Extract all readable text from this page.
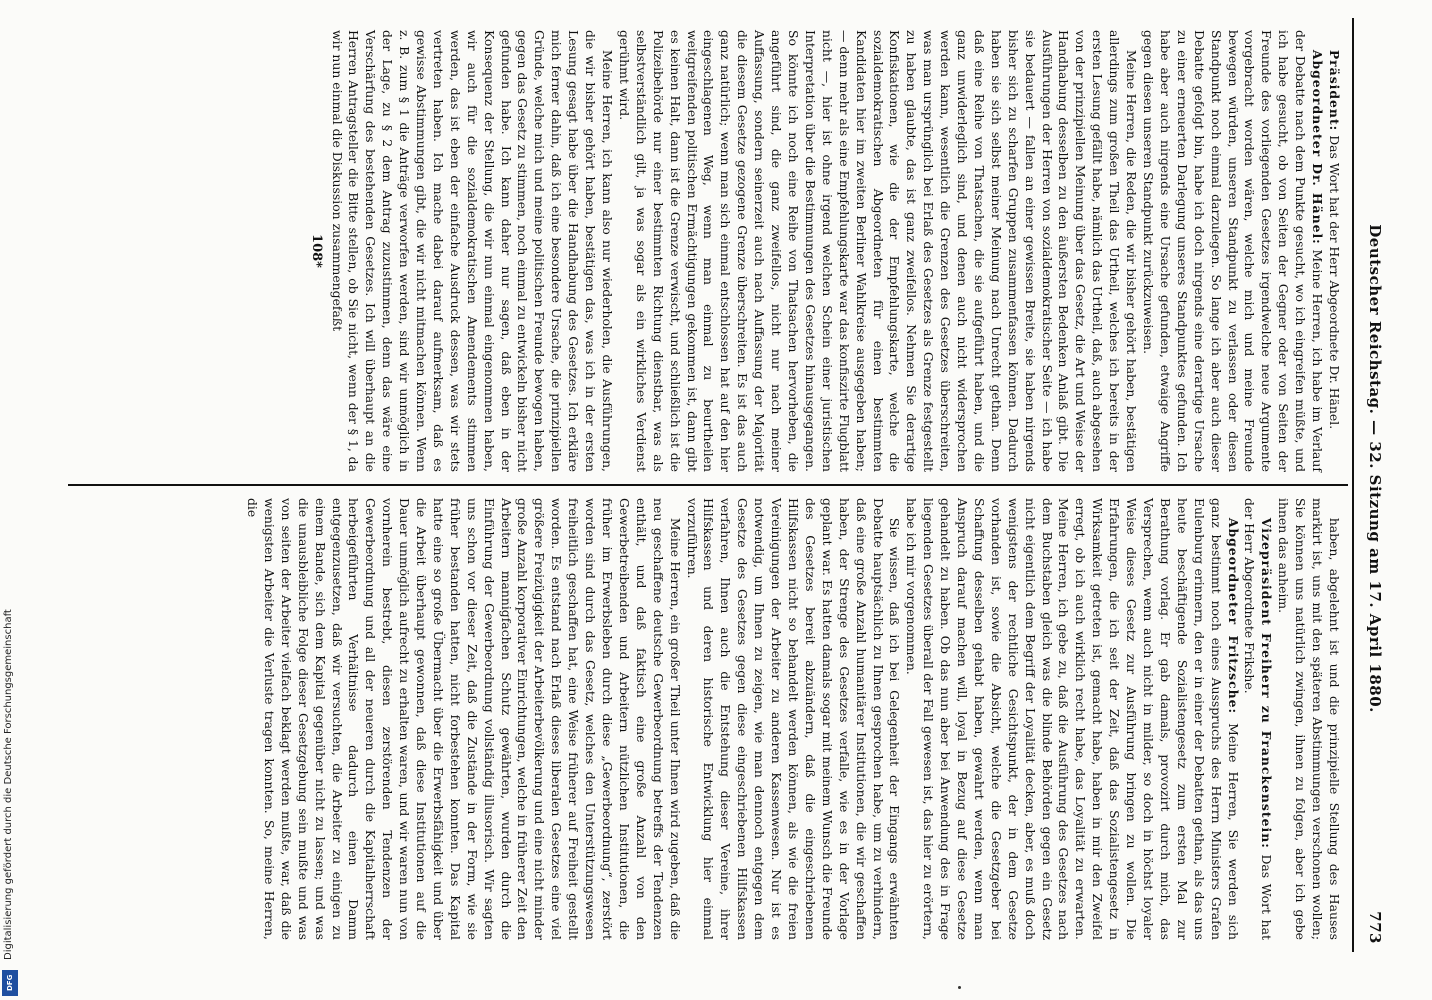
Digitalisierung gefördert durch die Deutsche Forschungsgemeinschaft
DFG
Deutscher Reichstag. — 32. Sitzung am 17. April 1880.
773

Präsident: Das Wort hat der Herr Abgeordnete Dr. Hänel.

Abgeordneter Dr. Hänel: Meine Herren, ich habe im Verlauf der Debatte nach dem Punkte gesucht, wo ich eingreifen müßte, und ich habe gesucht, ob von Seiten der Gegner oder von Seiten der Freunde des vorliegenden Gesetzes irgendwelche neue Argumente vorgebracht worden wären, welche mich und meine Freunde bewegen würden, unseren Standpunkt zu verlassen oder diesen Standpunkt noch einmal darzulegen. So lange ich aber auch dieser Debatte gefolgt bin, habe ich doch nirgends eine derartige Ursache zu einer erneuerten Darlegung unseres Standpunktes gefunden. Ich habe aber auch nirgends eine Ursache gefunden, etwaige Angriffe gegen diesen unseren Standpunkt zurückzuweisen.

Meine Herren, die Reden, die wir bisher gehört haben, bestätigen allerdings zum großen Theil das Urtheil, welches ich bereits in der ersten Lesung gefällt habe, nämlich das Urtheil, daß, auch abgesehen von der prinzipiellen Meinung über das Gesetz, die Art und Weise der Handhabung desselben zu den äußersten Bedenken Anlaß gibt. Die Ausführungen der Herren von sozialdemokratischer Seite — ich habe sie bedauert — fallen an einer gewissen Breite, sie haben nirgends bisher sich zu scharfen Gruppen zusammenfassen können. Dadurch haben sie sich selbst meiner Meinung nach Unrecht gethan. Denn daß eine Reihe von Thatsachen, die sie aufgeführt haben, und die ganz unwiderleglich sind, und denen auch nicht widersprochen werden kann, wesentlich die Grenzen des Gesetzes überschreiten, was man ursprünglich bei Erlaß des Gesetzes als Grenze festgestellt zu haben glaubte, das ist ganz zweifellos. Nehmen Sie derartige Konfiskationen, wie die der Empfehlungskarte, welche die sozialdemokratischen Abgeordneten für einen bestimmten Kandidaten hier im zweiten Berliner Wahlkreise ausgegeben haben; — denn mehr als eine Empfehlungskarte war das konfiszirte Flugblatt nicht —, hier ist ohne irgend welchen Schein einer juristischen Interpretation über die Bestimmungen des Gesetzes hinausgegangen. So könnte ich noch eine Reihe von Thatsachen hervorheben, die angeführt sind, die ganz zweifellos, nicht nur nach meiner Auffassung, sondern seinerzeit auch nach Auffassung der Majorität die diesem Gesetze gezogene Grenze überschreiten. Es ist das auch ganz natürlich; wenn man sich einmal entschlossen hat auf den hier eingeschlagenen Weg, wenn man einmal zu beurtheilen weitgreifenden politischen Ermächtigungen gekommen ist, dann gibt es keinen Halt, dann ist die Grenze verwischt, und schließlich ist die Polizeibehörde nur einer bestimmten Richtung dienstbar, was als selbstverständlich gilt, ja was sogar als ein wirkliches Verdienst gerühmt wird.

Meine Herren, ich kann also nur wiederholen, die Ausführungen, die wir bisher gehört haben, bestätigen das, was ich in der ersten Lesung gesagt habe über die Handhabung des Gesetzes. Ich erkläre mich ferner dahin, daß ich eine besondere Ursache, die prinzipiellen Gründe, welche mich und meine politischen Freunde bewogen haben, gegen das Gesetz zu stimmen, noch einmal zu entwickeln bisher nicht gefunden habe. Ich kann daher nur sagen, daß eben in der Konsequenz der Stellung, die wir nun einmal eingenommen haben, wir auch für die sozialdemokratischen Amendements stimmen werden, das ist eben der einfache Ausdruck dessen, was wir stets vertreten haben. Ich mache dabei darauf aufmerksam, daß es gewisse Abstimmungen gibt, die wir nicht mitmachen können. Wenn z. B. zum § 1 die Anträge verworfen werden, sind wir unmöglich in der Lage, zu § 2 dem Antrag zuzustimmen, denn das wäre eine Verschärfung des bestehenden Gesetzes. Ich will überhaupt an die Herren Antragsteller die Bitte stellen, ob Sie nicht, wenn der § 1, da wir nun einmal die Diskussion zusammengefaßt

108*

haben, abgelehnt ist und die prinzipielle Stellung des Hauses markirt ist, uns mit den späteren Abstimmungen verschonen wollen; Sie können uns natürlich zwingen, ihnen zu folgen, aber ich gebe ihnen das anheim.

Vizepräsident Freiherr zu Franckenstein: Das Wort hat der Herr Abgeordnete Frikshe.

Abgeordneter Fritzsche: Meine Herren, Sie werden sich ganz bestimmt noch eines Ausspruchs des Herrn Ministers Grafen Eulenburg erinnern, den er in einer der Debatten gethan, als das uns heute beschäftigende Sozialistengesetz zum ersten Mal zur Berathung vorlag. Er gab damals, provozirt durch mich, das Versprechen, wenn auch nicht in milder, so doch in höchst loyaler Weise dieses Gesetz zur Ausführung bringen zu wollen. Die Erfahrungen, die ich seit der Zeit, daß das Sozialistengesetz in Wirksamkeit getreten ist, gemacht habe, haben in mir den Zweifel erregt, ob ich auch wirklich recht habe, das Loyalität zu erwarten. Meine Herren, ich gebe zu, daß die Ausführung des Gesetzes nach dem Buchstaben gleich was die blinde Behörden gegen ein Gesetz nicht eigentlich dem Begriff der Loyalität decken, aber, es muß doch wenigstens der rechtliche Gesichtspunkt, der in dem Gesetze vorhanden ist, sowie die Absicht, welche die Gesetzgeber bei Schaffung desselben gehabt haben, gewahrt werden, wenn man Anspruch darauf machen will, loyal in Bezug auf diese Gesetze gehandelt zu haben. Ob das nun aber bei Anwendung des in Frage liegenden Gesetzes überall der Fall gewesen ist, das hier zu erörtern, habe ich mir vorgenommen.

Sie wissen, daß ich bei Gelegenheit der Eingangs erwähnten Debatte hauptsächlich zu Ihnen gesprochen habe, um zu verhindern, daß eine große Anzahl humanitärer Institutionen, die wir geschaffen haben, der Strenge des Gesetzes verfalle, wie es in der Vorlage geplant war. Es hatten damals sogar mit meinem Wunsch die Freunde des Gesetzes bereit abzuändern, daß die eingeschriebenen Hilfskassen nicht so behandelt werden können, als wie die freien Vereinigungen der Arbeiter zu anderen Kassenwesen. Nur ist es notwendig, um Ihnen zu zeigen, wie man dennoch entgegen dem Gesetze des Gesetzes gegen diese eingeschriebenen Hilfskassen verfahren, Ihnen auch die Entstehung dieser Vereine, ihrer Hilfskassen und deren historische Entwicklung hier einmal vorzuführen.

Meine Herren, ein großer Theil unter Ihnen wird zugeben, daß die neu geschaffene deutsche Gewerbeordnung betreffs der Tendenzen enthält, und daß faktisch eine große Anzahl von den Gewerbetreibenden und Arbeitern nützlichen Institutionen, die früher im Erwerbsleben durch diese „Gewerbeordnung“, zerstört worden sind durch das Gesetz, welches den Unterstützungswesen freiheitlich geschaffen hat, eine Weise früherer auf Freiheit gestellt worden. Es entstand nach Erlaß dieses liberalen Gesetzes eine viel größere Freizügigkeit der Arbeiterbevölkerung und eine nicht minder große Anzahl korporativer Einrichtungen, welche in früherer Zeit den Arbeitern mannigfachen Schutz gewährten, wurden durch die Einführung der Gewerbeordnung vollständig illusorisch. Wir sagten uns schon vor dieser Zeit, daß die Zustände in der Form, wie sie früher bestanden hatten, nicht forbestehen konnten. Das Kapital hatte eine so große Übermacht über die Erwerbsfähigkeit und über die Arbeit überhaupt gewonnen, daß diese Institutionen auf die Dauer unmöglich aufrecht zu erhalten waren, und wir waren nun von vornherein bestrebt, diesen zerstörenden Tendenzen der Gewerbeordnung und all der neueren durch die Kapitalherrschaft herbeigeführten Verhältnisse dadurch einen Damm entgegenzusetzen, daß wir versuchten, die Arbeiter zu einigen zu einem Bande, sich dem Kapital gegenüber nicht zu lassen; und was die unausbleibliche Folge dieser Gesetzgebung sein mußte und was von seiten der Arbeiter vielfach beklagt werden mußte, war, daß die wenigsten Arbeiter die Verluste tragen konnten. So, meine Herren, die
